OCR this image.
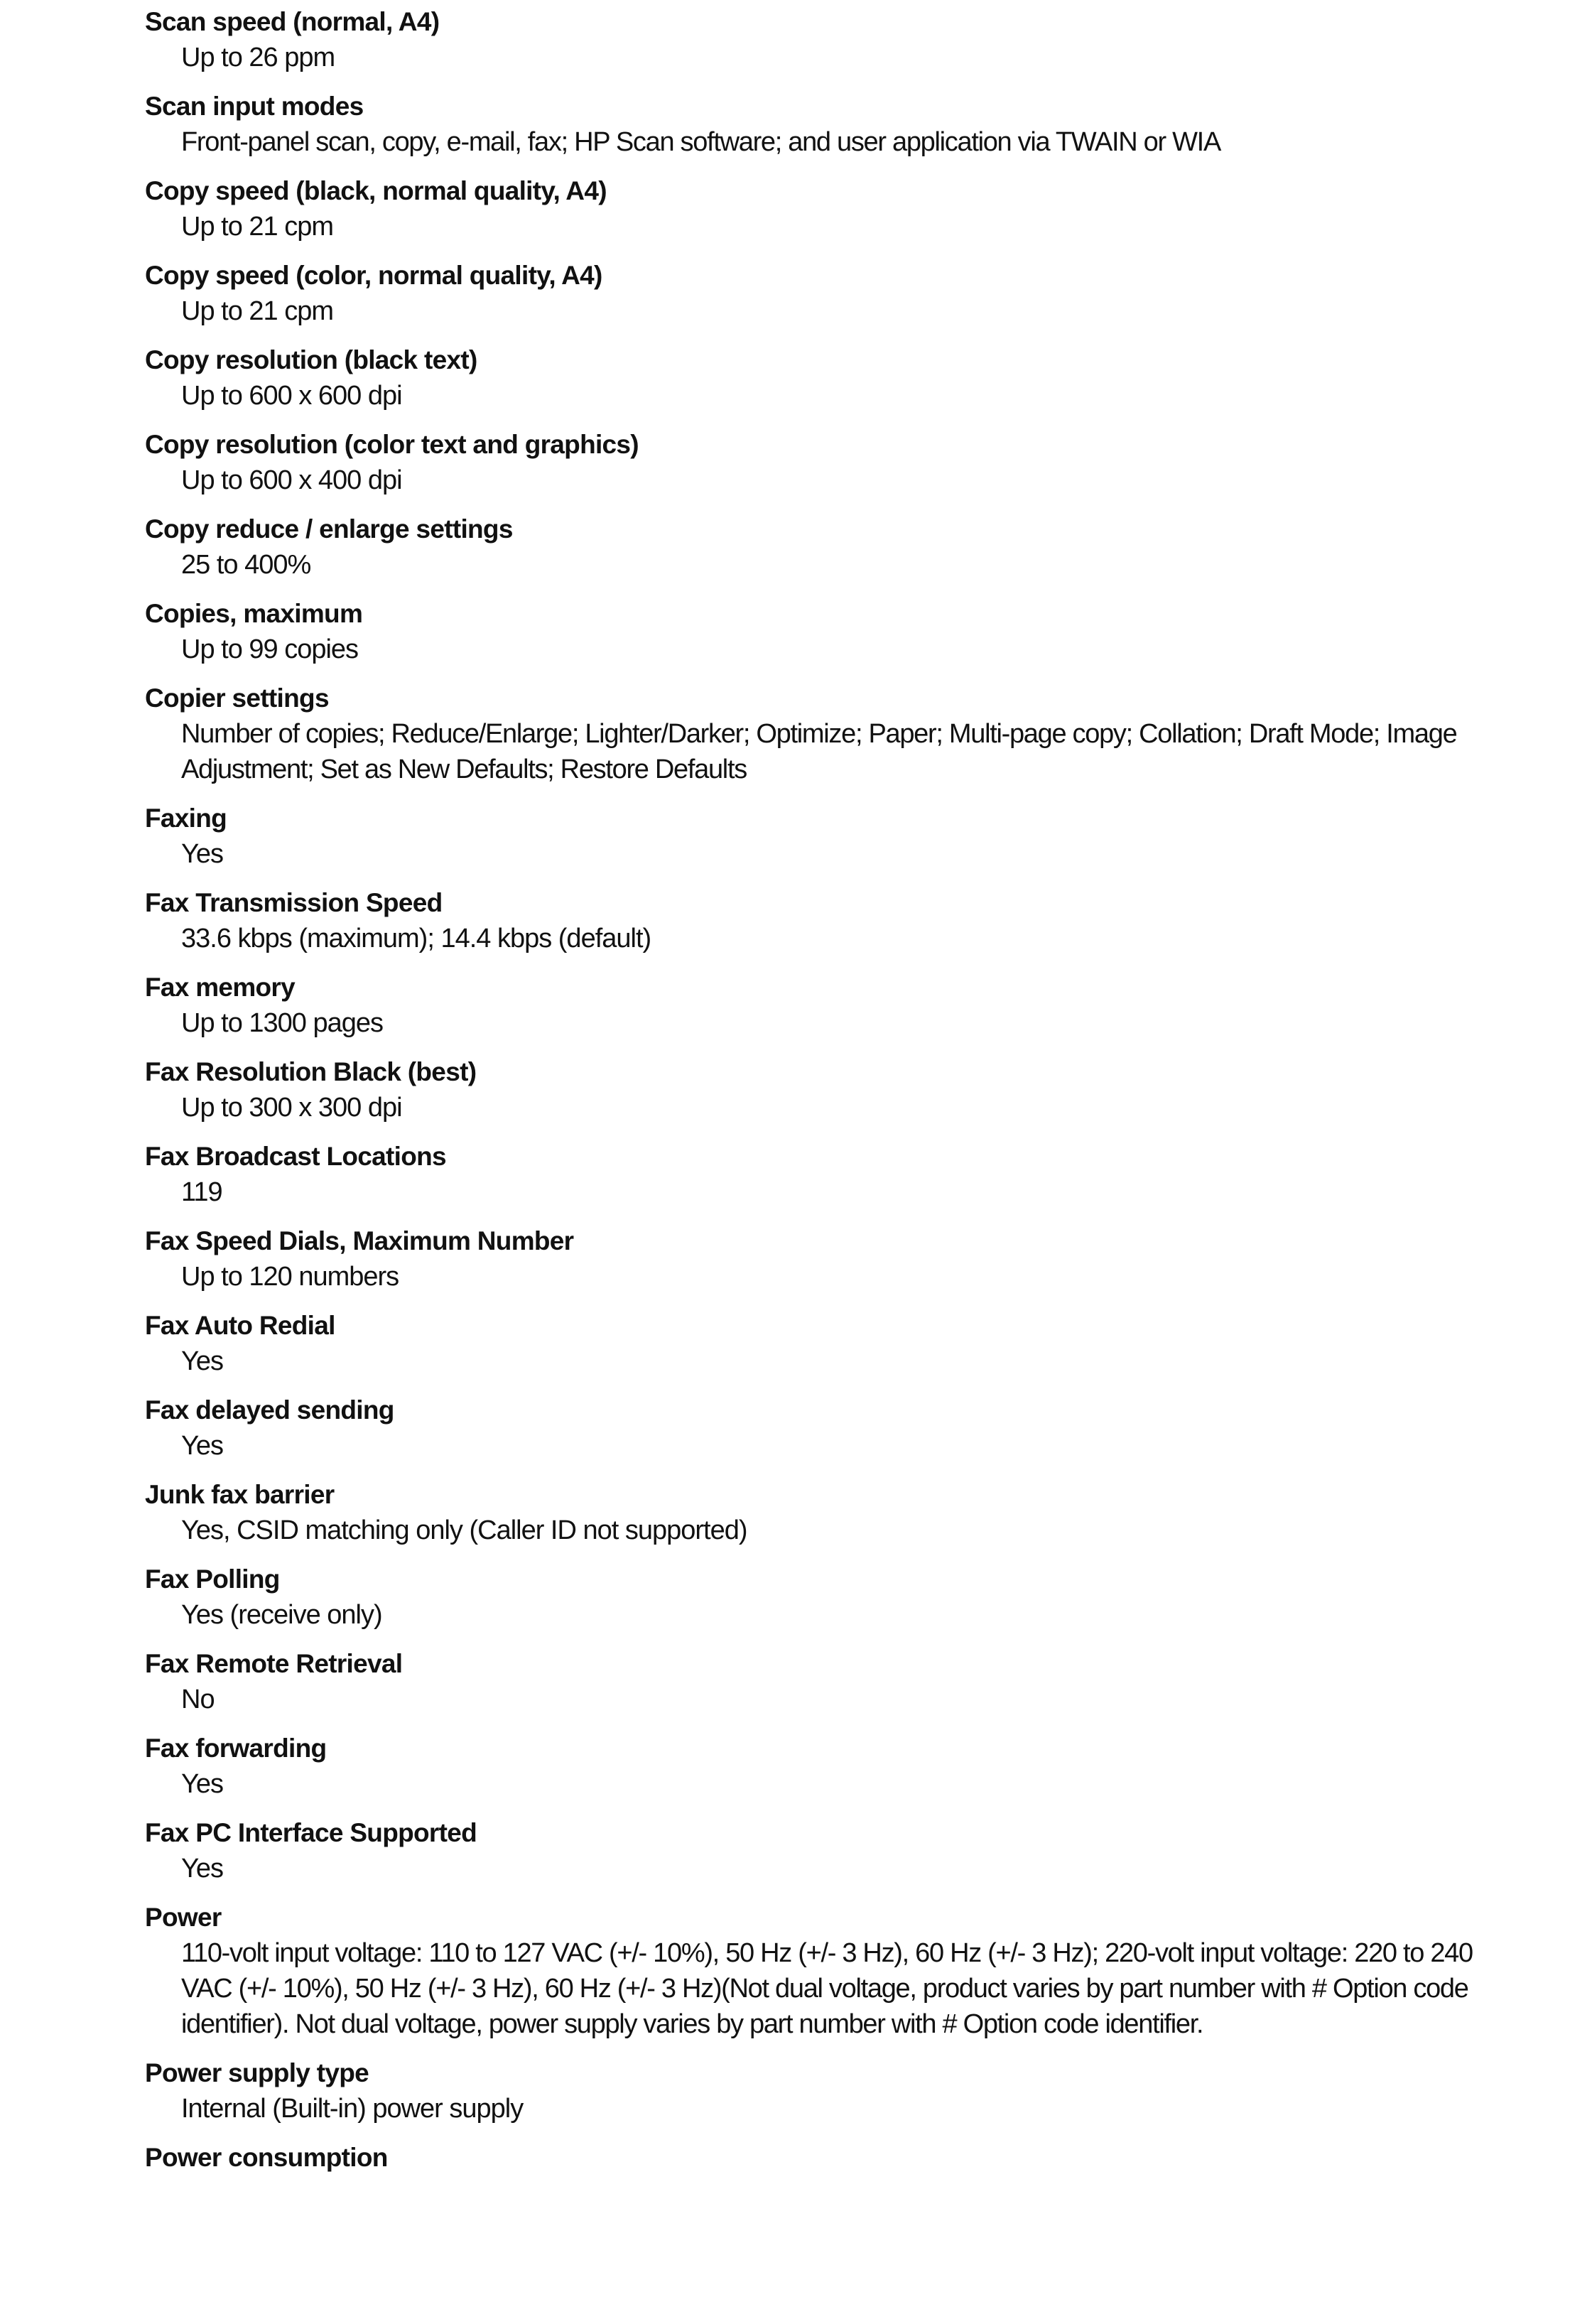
Scan speed (normal, A4)
Up to 26 ppm
Scan input modes
Front-panel scan, copy, e-mail, fax; HP Scan software; and user application via TWAIN or WIA
Copy speed (black, normal quality, A4)
Up to 21 cpm
Copy speed (color, normal quality, A4)
Up to 21 cpm
Copy resolution (black text)
Up to 600 x 600 dpi
Copy resolution (color text and graphics)
Up to 600 x 400 dpi
Copy reduce / enlarge settings
25 to 400%
Copies, maximum
Up to 99 copies
Copier settings
Number of copies; Reduce/Enlarge; Lighter/Darker; Optimize; Paper; Multi-page copy; Collation; Draft Mode; Image Adjustment; Set as New Defaults; Restore Defaults
Faxing
Yes
Fax Transmission Speed
33.6 kbps (maximum); 14.4 kbps (default)
Fax memory
Up to 1300 pages
Fax Resolution Black (best)
Up to 300 x 300 dpi
Fax Broadcast Locations
119
Fax Speed Dials, Maximum Number
Up to 120 numbers
Fax Auto Redial
Yes
Fax delayed sending
Yes
Junk fax barrier
Yes, CSID matching only (Caller ID not supported)
Fax Polling
Yes (receive only)
Fax Remote Retrieval
No
Fax forwarding
Yes
Fax PC Interface Supported
Yes
Power
110-volt input voltage: 110 to 127 VAC (+/- 10%), 50 Hz (+/- 3 Hz), 60 Hz (+/- 3 Hz); 220-volt input voltage: 220 to 240 VAC (+/- 10%), 50 Hz (+/- 3 Hz), 60 Hz (+/- 3 Hz)(Not dual voltage, product varies by part number with # Option code identifier). Not dual voltage, power supply varies by part number with # Option code identifier.
Power supply type
Internal (Built-in) power supply
Power consumption
